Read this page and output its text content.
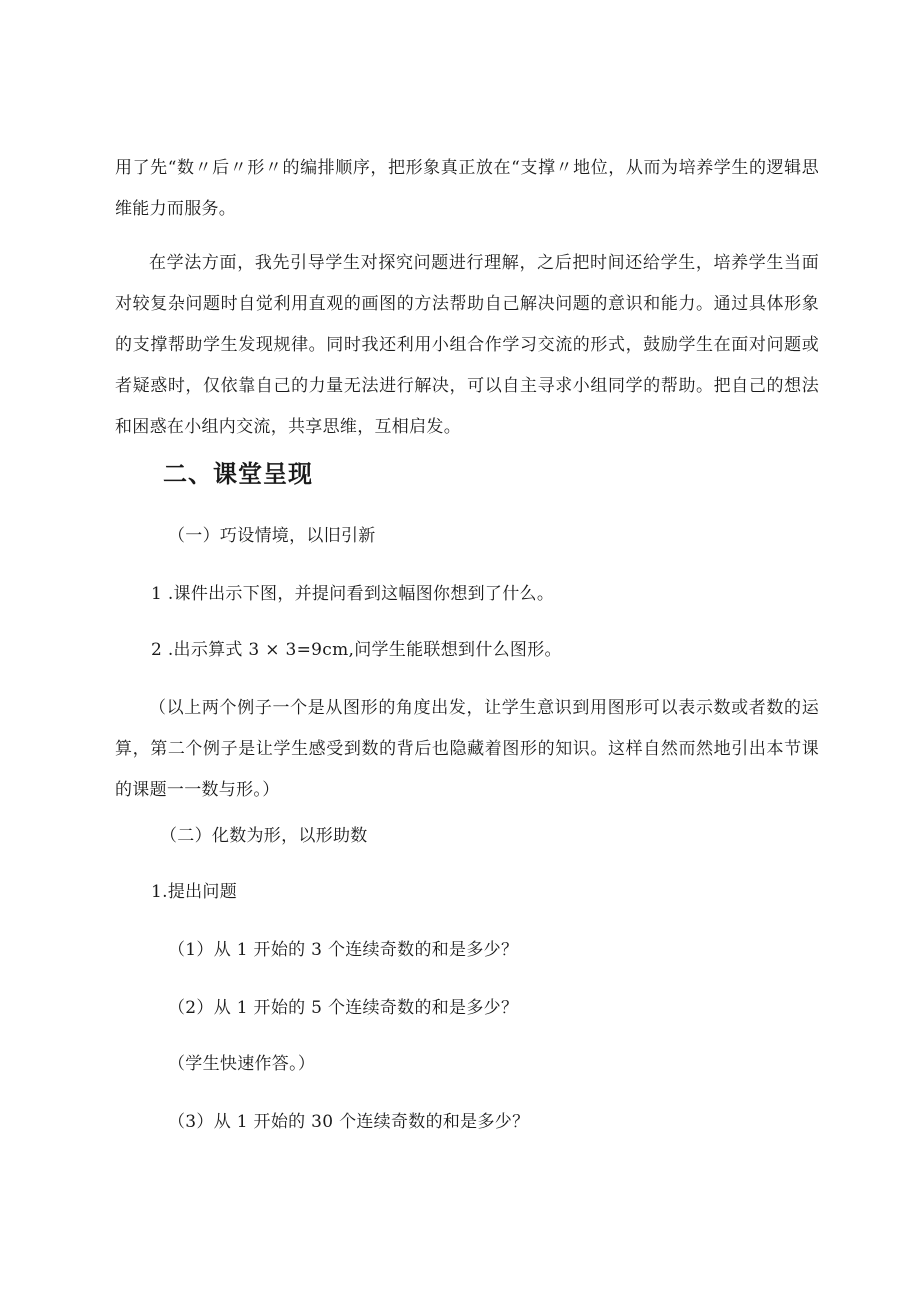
用了先“数〃后〃形〃的编排顺序，把形象真正放在“支撑〃地位，从而为培养学生的逻辑思维能力而服务。

在学法方面，我先引导学生对探究问题进行理解，之后把时间还给学生，培养学生当面对较复杂问题时自觉利用直观的画图的方法帮助自己解决问题的意识和能力。通过具体形象的支撑帮助学生发现规律。同时我还利用小组合作学习交流的形式，鼓励学生在面对问题或者疑惑时，仅依靠自己的力量无法进行解决，可以自主寻求小组同学的帮助。把自己的想法和困惑在小组内交流，共享思维，互相启发。

二、课堂呈现

（一）巧设情境，以旧引新

1 .课件出示下图，并提问看到这幅图你想到了什么。

2 .出示算式 3 × 3=9cm,问学生能联想到什么图形。

（以上两个例子一个是从图形的角度出发，让学生意识到用图形可以表示数或者数的运算，第二个例子是让学生感受到数的背后也隐藏着图形的知识。这样自然而然地引出本节课的课题一一数与形。）

（二）化数为形，以形助数

1.提出问题

（1）从 1 开始的 3 个连续奇数的和是多少？

（2）从 1 开始的 5 个连续奇数的和是多少？

（学生快速作答。）

（3）从 1 开始的 30 个连续奇数的和是多少？
